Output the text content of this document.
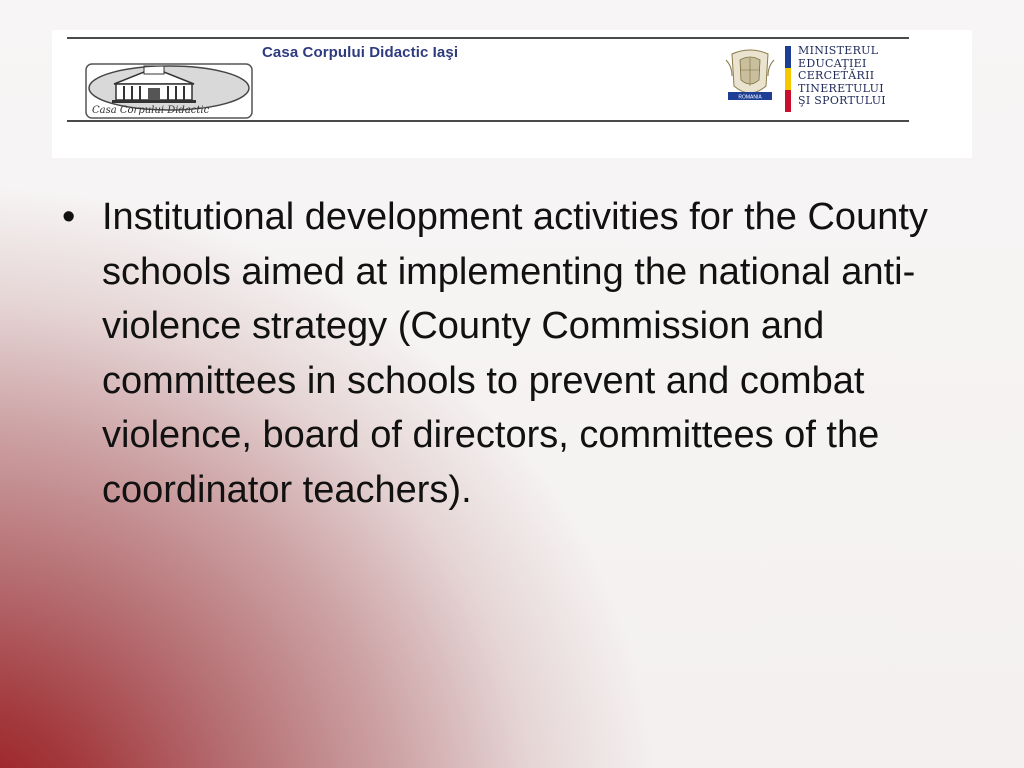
Casa Corpului Didactic
Casa Corpului Didactic Iaşi
ROMANIA
MINISTERUL
EDUCAŢIEI
CERCETĂRII
TINERETULUI
ŞI SPORTULUI
• Institutional development activities for the County schools aimed at implementing the national anti-violence strategy (County Commission and committees in schools to prevent and combat violence, board of directors, committees of the coordinator teachers).
